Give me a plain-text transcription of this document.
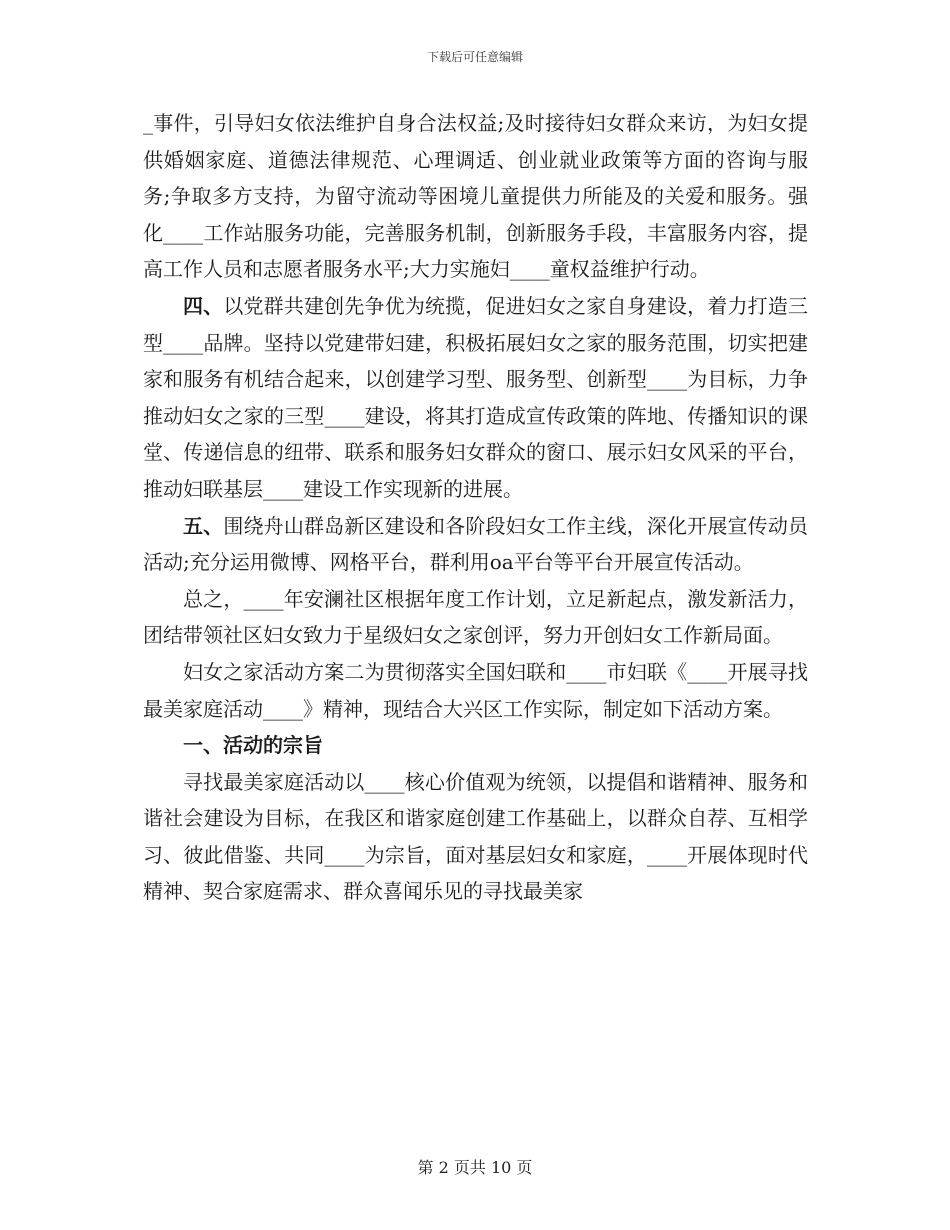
下载后可任意编辑

_事件，引导妇女依法维护自身合法权益;及时接待妇女群众来访，为妇女提供婚姻家庭、道德法律规范、心理调适、创业就业政策等方面的咨询与服务;争取多方支持，为留守流动等困境儿童提供力所能及的关爱和服务。强化____工作站服务功能，完善服务机制，创新服务手段，丰富服务内容，提高工作人员和志愿者服务水平;大力实施妇____童权益维护行动。

四、以党群共建创先争优为统揽，促进妇女之家自身建设，着力打造三型____品牌。坚持以党建带妇建，积极拓展妇女之家的服务范围，切实把建家和服务有机结合起来，以创建学习型、服务型、创新型____为目标，力争推动妇女之家的三型____建设，将其打造成宣传政策的阵地、传播知识的课堂、传递信息的纽带、联系和服务妇女群众的窗口、展示妇女风采的平台，推动妇联基层____建设工作实现新的进展。

五、围绕舟山群岛新区建设和各阶段妇女工作主线，深化开展宣传动员活动;充分运用微博、网格平台，群利用oa平台等平台开展宣传活动。

总之，____年安澜社区根据年度工作计划，立足新起点，激发新活力，团结带领社区妇女致力于星级妇女之家创评，努力开创妇女工作新局面。

妇女之家活动方案二为贯彻落实全国妇联和____市妇联《____开展寻找最美家庭活动____》精神，现结合大兴区工作实际，制定如下活动方案。

一、活动的宗旨

寻找最美家庭活动以____核心价值观为统领，以提倡和谐精神、服务和谐社会建设为目标，在我区和谐家庭创建工作基础上，以群众自荐、互相学习、彼此借鉴、共同____为宗旨，面对基层妇女和家庭，____开展体现时代精神、契合家庭需求、群众喜闻乐见的寻找最美家

第 2 页共 10 页
